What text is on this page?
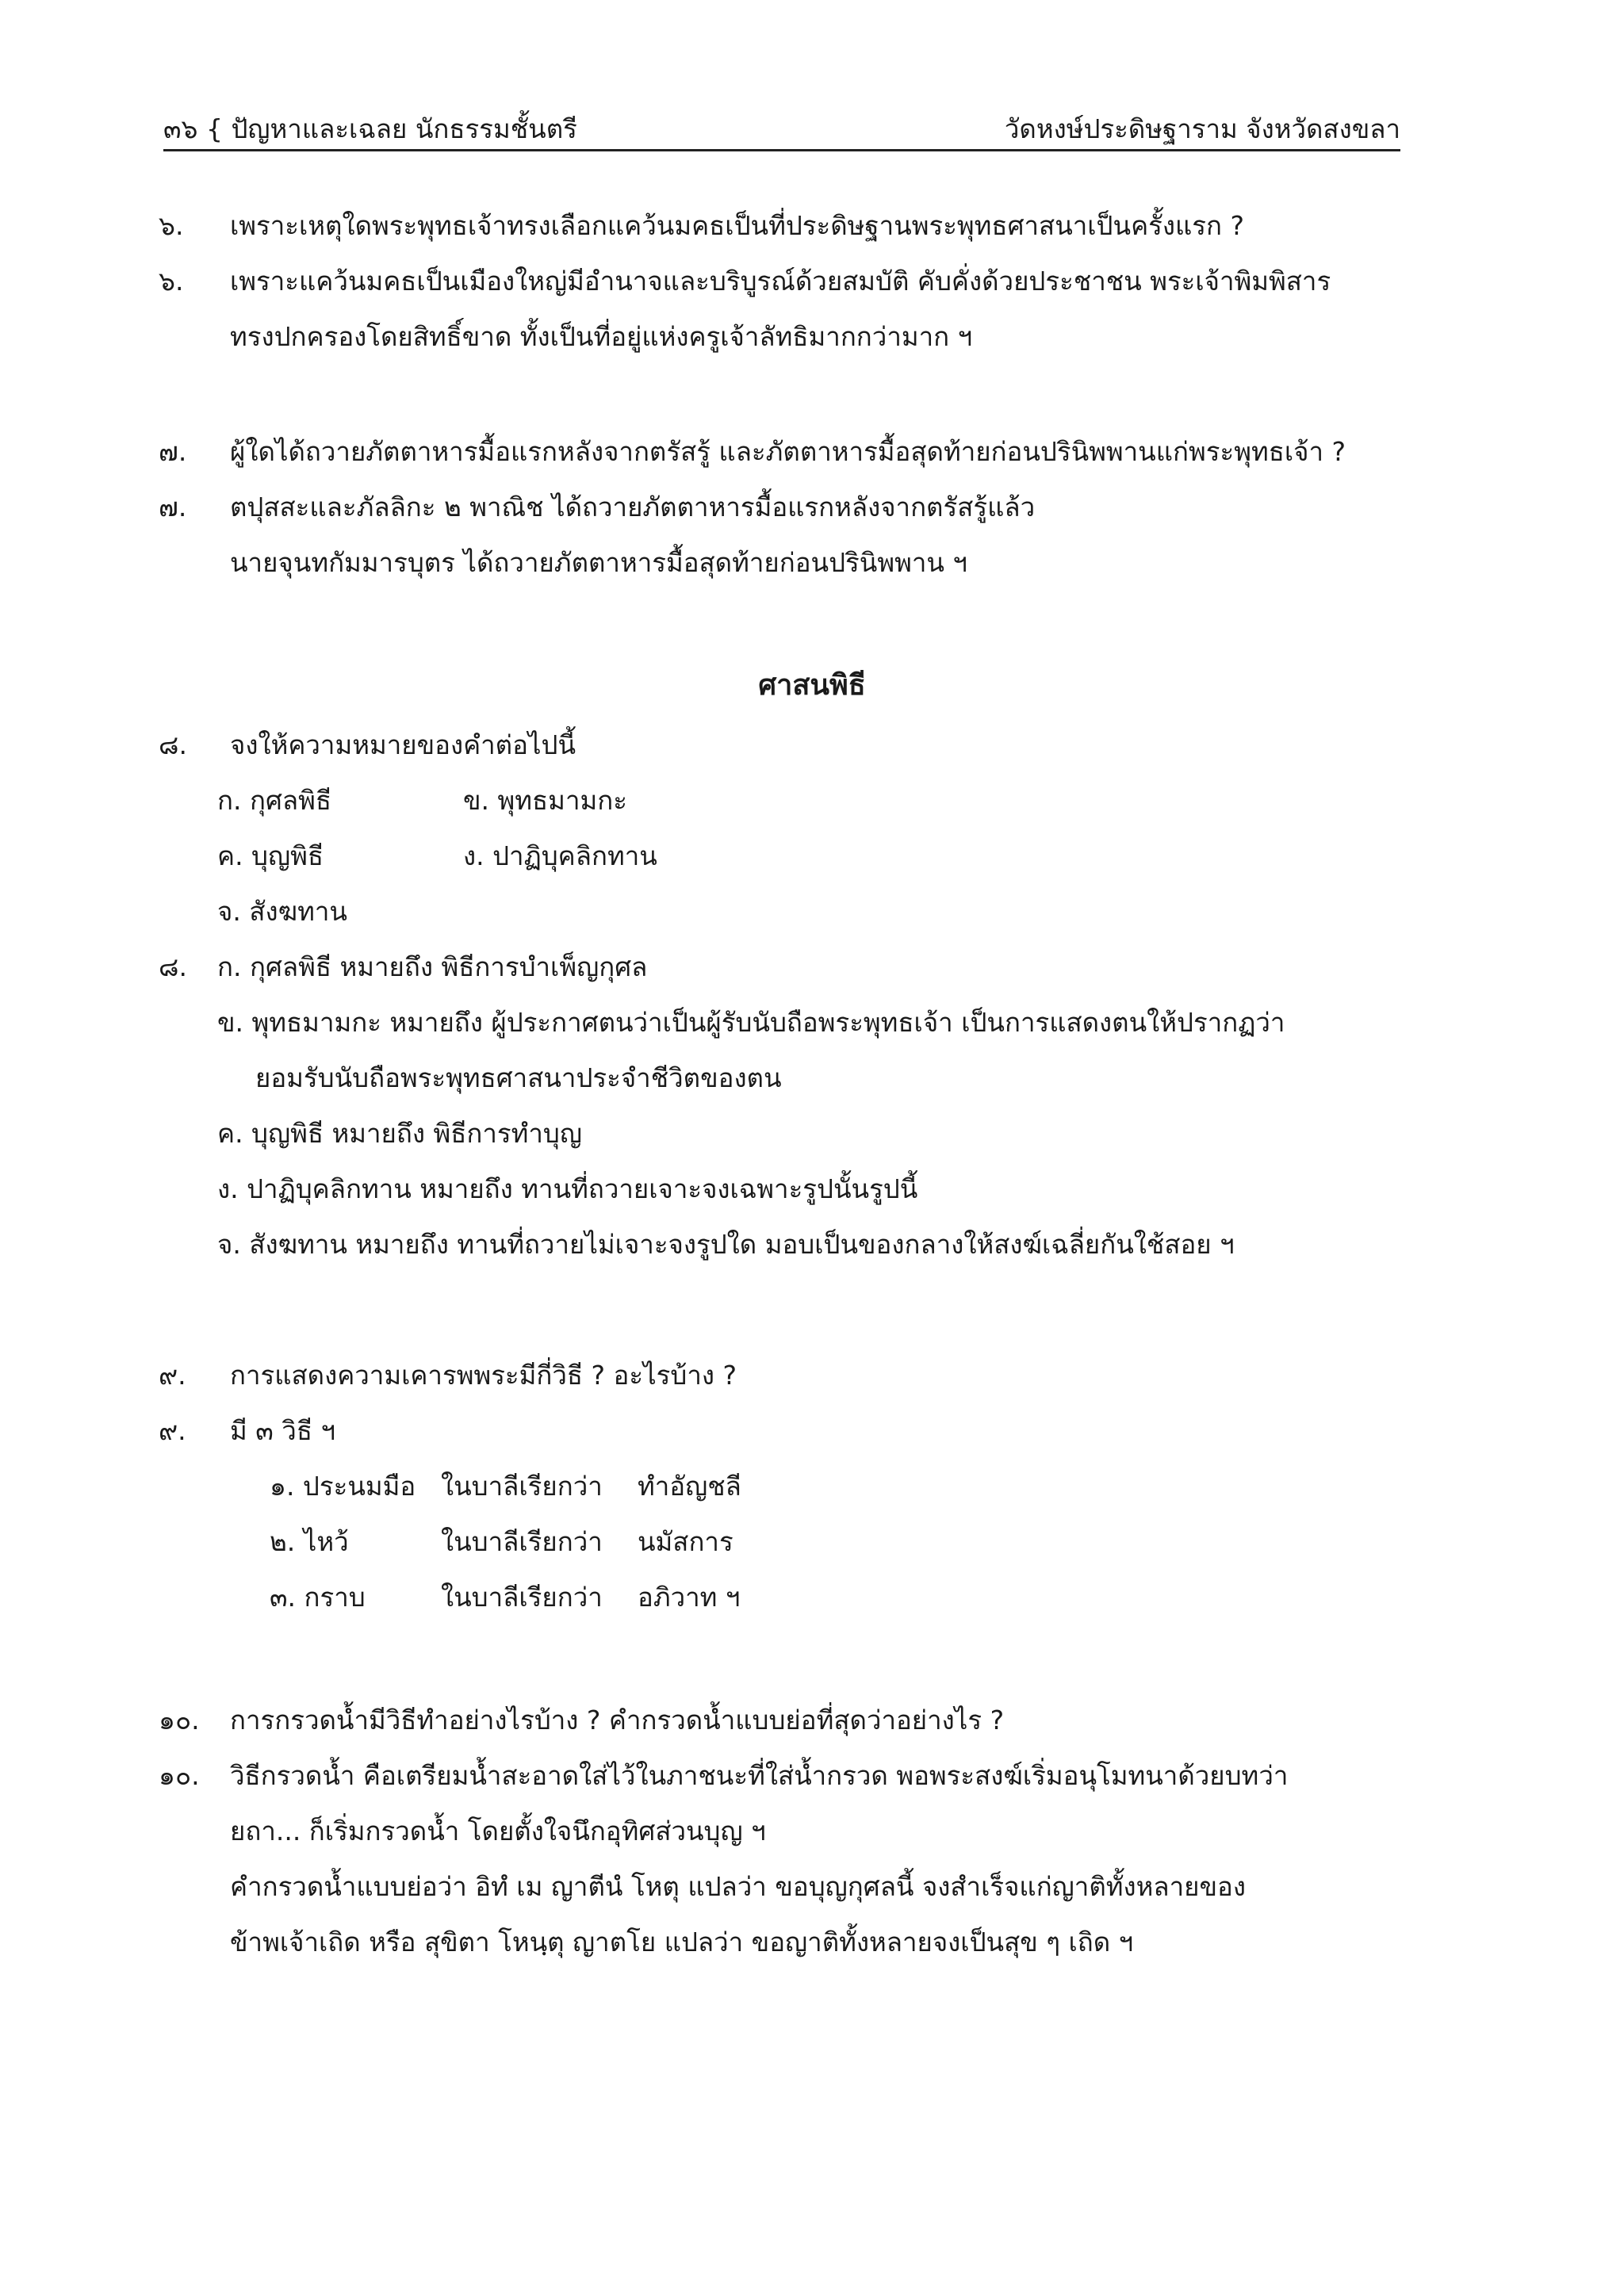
๓๖ { ปัญหาและเฉลย นักธรรมชั้นตรี	วัดหงษ์ประดิษฐาราม จังหวัดสงขลา
๖. เพราะเหตุใดพระพุทธเจ้าทรงเลือกแคว้นมคธเป็นที่ประดิษฐานพระพุทธศาสนาเป็นครั้งแรก ?
๖. เพราะแคว้นมคธเป็นเมืองใหญ่มีอำนาจและบริบูรณ์ด้วยสมบัติ คับคั่งด้วยประชาชน พระเจ้าพิมพิสาร
ทรงปกครองโดยสิทธิ์ขาด ทั้งเป็นที่อยู่แห่งครูเจ้าลัทธิมากกว่ามาก ฯ
๗. ผู้ใดได้ถวายภัตตาหารมื้อแรกหลังจากตรัสรู้ และภัตตาหารมื้อสุดท้ายก่อนปรินิพพานแก่พระพุทธเจ้า ?
๗. ตปุสสะและภัลลิกะ ๒ พาณิช ได้ถวายภัตตาหารมื้อแรกหลังจากตรัสรู้แล้ว
นายจุนทกัมมารบุตร ได้ถวายภัตตาหารมื้อสุดท้ายก่อนปรินิพพาน ฯ
ศาสนพิธี
๘. จงให้ความหมายของคำต่อไปนี้
ก. กุศลพิธี	ข. พุทธมามกะ
ค. บุญพิธี	ง. ปาฏิบุคลิกทาน
จ. สังฆทาน
๘. ก. กุศลพิธี หมายถึง พิธีการบำเพ็ญกุศล
ข. พุทธมามกะ หมายถึง ผู้ประกาศตนว่าเป็นผู้รับนับถือพระพุทธเจ้า เป็นการแสดงตนให้ปรากฏว่า
ยอมรับนับถือพระพุทธศาสนาประจำชีวิตของตน
ค. บุญพิธี หมายถึง พิธีการทำบุญ
ง. ปาฏิบุคลิกทาน หมายถึง ทานที่ถวายเจาะจงเฉพาะรูปนั้นรูปนี้
จ. สังฆทาน หมายถึง ทานที่ถวายไม่เจาะจงรูปใด มอบเป็นของกลางให้สงฆ์เฉลี่ยกันใช้สอย ฯ
๙. การแสดงความเคารพพระมีกี่วิธี ? อะไรบ้าง ?
๙. มี ๓ วิธี ฯ
๑. ประนมมือ ในบาลีเรียกว่า ทำอัญชลี
๒. ไหว้	ในบาลีเรียกว่า นมัสการ
๓. กราบ	ในบาลีเรียกว่า อภิวาท ฯ
๑๐. การกรวดน้ำมีวิธีทำอย่างไรบ้าง ? คำกรวดน้ำแบบย่อที่สุดว่าอย่างไร ?
๑๐. วิธีกรวดน้ำ คือเตรียมน้ำสะอาดใส่ไว้ในภาชนะที่ใส่น้ำกรวด พอพระสงฆ์เริ่มอนุโมทนาด้วยบทว่า
ยถา... ก็เริ่มกรวดน้ำ โดยตั้งใจนึกอุทิศส่วนบุญ ฯ
คำกรวดน้ำแบบย่อว่า อิทํ เม ญาตีนํ โหตุ แปลว่า ขอบุญกุศลนี้ จงสำเร็จแก่ญาติทั้งหลายของ
ข้าพเจ้าเถิด หรือ สุขิตา โหนฺตุ ญาตโย แปลว่า ขอญาติทั้งหลายจงเป็นสุข ๆ เถิด ฯ
